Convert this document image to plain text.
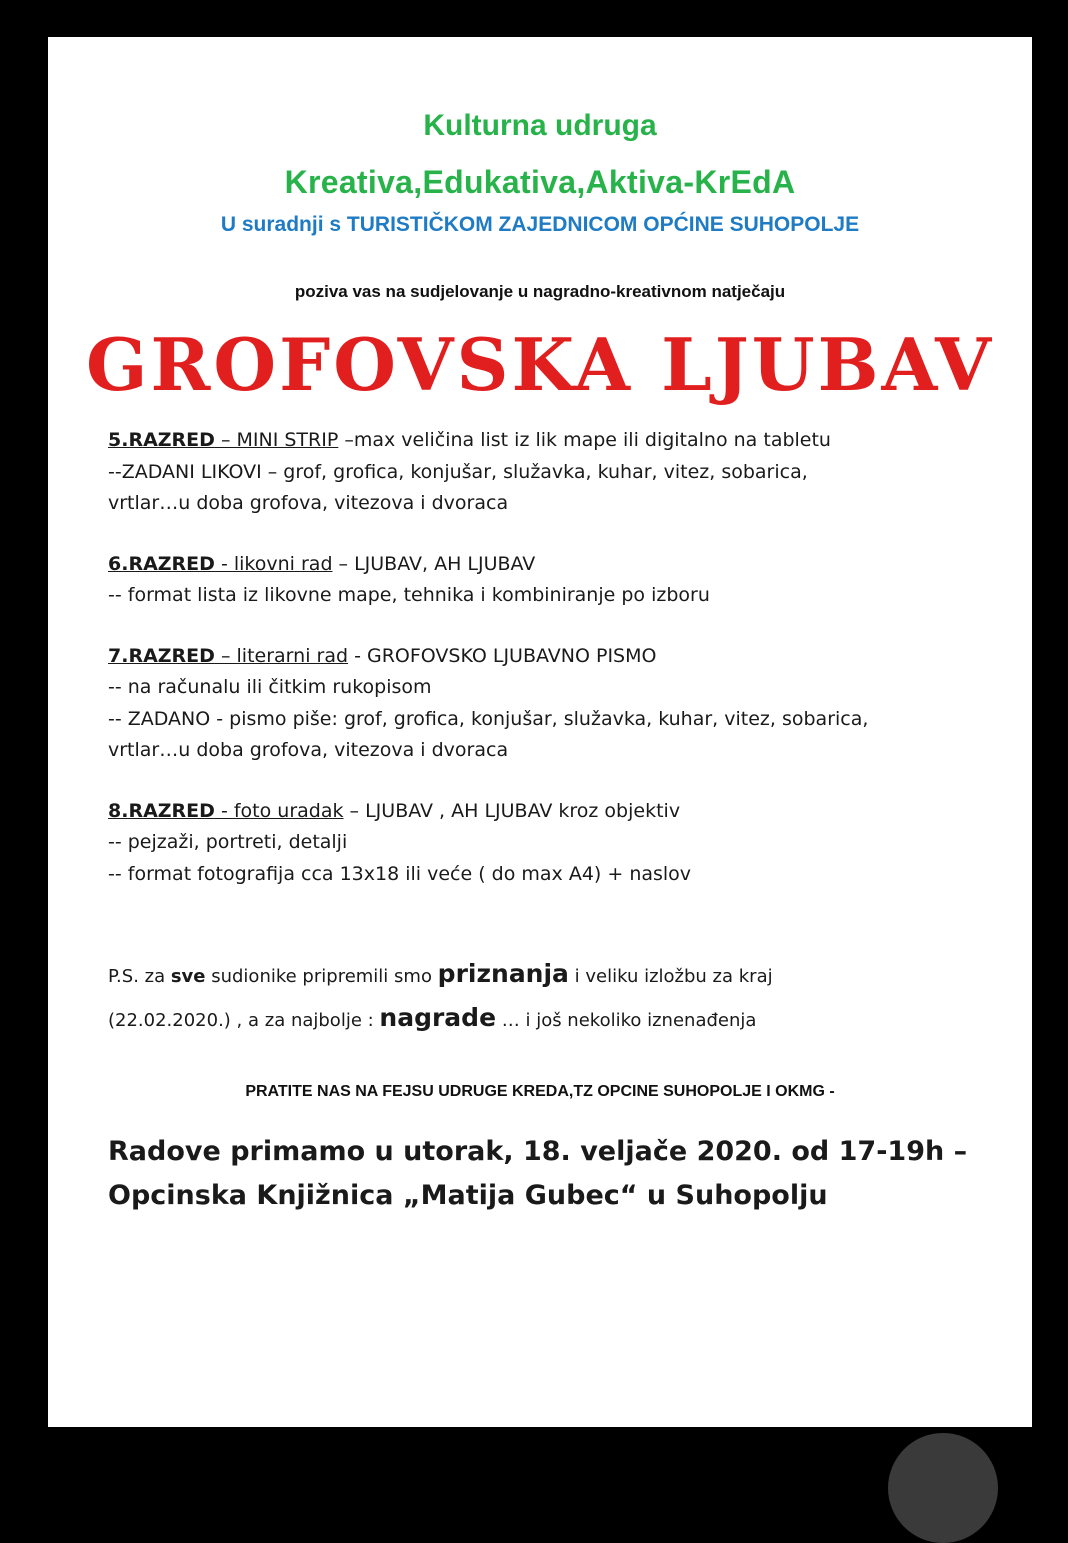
Kulturna udruga

Kreativa,Edukativa,Aktiva-KrEdA

U suradnji s TURISTIČKOM ZAJEDNICOM OPĆINE SUHOPOLJE

poziva vas na sudjelovanje u nagradno-kreativnom natječaju

GROFOVSKA LJUBAV

5.RAZRED – MINI STRIP –max veličina list iz lik mape ili digitalno na tabletu

--ZADANI LIKOVI – grof, grofica, konjušar, služavka, kuhar, vitez, sobarica,

vrtlar…u doba grofova, vitezova i dvoraca

6.RAZRED - likovni rad – LJUBAV, AH LJUBAV

-- format lista iz likovne mape, tehnika i kombiniranje po izboru

7.RAZRED – literarni rad - GROFOVSKO LJUBAVNO PISMO

-- na računalu ili čitkim rukopisom

-- ZADANO - pismo piše: grof, grofica, konjušar, služavka, kuhar, vitez, sobarica,

vrtlar…u doba grofova, vitezova i dvoraca

8.RAZRED - foto uradak – LJUBAV , AH LJUBAV kroz objektiv

-- pejzaži, portreti, detalji

-- format fotografija cca 13x18 ili veće ( do max A4) + naslov

P.S. za sve sudionike pripremili smo priznanja i veliku izložbu za kraj

(22.02.2020.) , a za najbolje : nagrade … i još nekoliko iznenađenja

PRATITE NAS NA FEJSU UDRUGE KREDA,TZ OPCINE SUHOPOLJE I OKMG -

Radove primamo u utorak, 18. veljače 2020. od 17-19h –

Opcinska Knjižnica „Matija Gubec“ u Suhopolju
